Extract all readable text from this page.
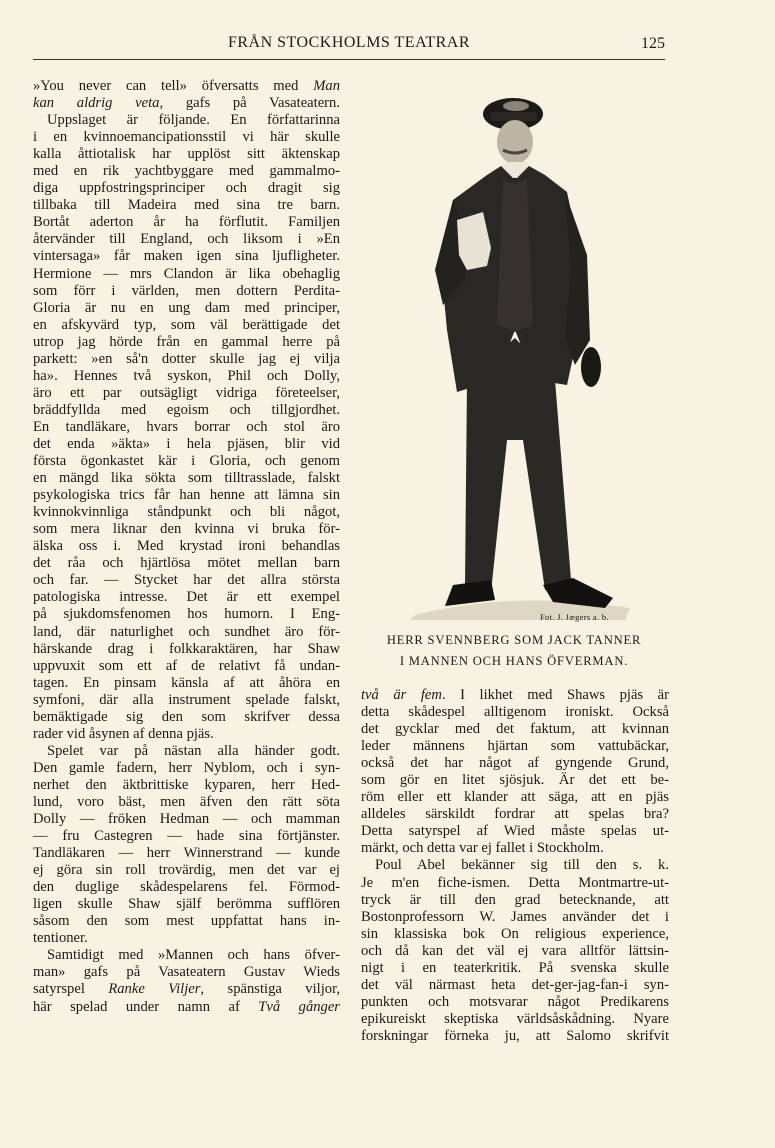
FRÅN STOCKHOLMS TEATRAR	125
»You never can tell» öfversatts med Man
kan aldrig veta, gafs på Vasateatern.
Uppslaget är följande. En författarinna
i en kvinnoemancipationsstil vi här skulle
kalla åttiotalisk har upplöst sitt äktenskap
med en rik yachtbyggare med gammalmo-
diga uppfostringsprinciper och dragit sig
tillbaka till Madeira med sina tre barn.
Bortåt aderton år ha förflutit. Familjen
återvänder till England, och liksom i »En
vintersaga» får maken igen sina ljufligheter.
Hermione — mrs Clandon är lika obehaglig
som förr i världen, men dottern Perdita-
Gloria är nu en ung dam med principer,
en afskyvärd typ, som väl berättigade det
utrop jag hörde från en gammal herre på
parkett: »en så'n dotter skulle jag ej vilja
ha». Hennes två syskon, Phil och Dolly,
äro ett par outsägligt vidriga företeelser,
bräddfyllda med egoism och tillgjordhet.
En tandläkare, hvars borrar och stol äro
det enda »äkta» i hela pjäsen, blir vid
första ögonkastet kär i Gloria, och genom
en mängd lika sökta som tilltrasslade, falskt
psykologiska trics får han henne att lämna sin
kvinnokvinnliga ståndpunkt och bli något,
som mera liknar den kvinna vi bruka för-
älska oss i. Med krystad ironi behandlas
det råa och hjärtlösa mötet mellan barn
och far. — Stycket har det allra största
patologiska intresse. Det är ett exempel
på sjukdomsfenomen hos humorn. I Eng-
land, där naturlighet och sundhet äro för-
härskande drag i folkkaraktären, har Shaw
uppvuxit som ett af de relativt få undan-
tagen. En pinsam känsla af att åhöra en
symfoni, där alla instrument spelade falskt,
bemäktigade sig den som skrifver dessa
rader vid åsynen af denna pjäs.
Spelet var på nästan alla händer godt.
Den gamle fadern, herr Nyblom, och i syn-
nerhet den äktbrittiske kyparen, herr Hed-
lund, voro bäst, men äfven den rätt söta
Dolly — fröken Hedman — och mamman
— fru Castegren — hade sina förtjänster.
Tandläkaren — herr Winnerstrand — kunde
ej göra sin roll trovärdig, men det var ej
den duglige skådespelarens fel. Förmod-
ligen skulle Shaw själf berömma sufflören
såsom den som mest uppfattat hans in-
tentioner.
Samtidigt med »Mannen och hans öfver-
man» gafs på Vasateatern Gustav Wieds
satyrspel Ranke Viljer, spänstiga viljor,
här spelad under namn af Två gånger
Fot. J. Jægers a. b.
HERR SVENNBERG SOM JACK TANNER
I MANNEN OCH HANS ÖFVERMAN.
två är fem. I likhet med Shaws pjäs är
detta skådespel alltigenom ironiskt. Också
det gycklar med det faktum, att kvinnan
leder männens hjärtan som vattubäckar,
också det har något af gyngende Grund,
som gör en litet sjösjuk. Är det ett be-
röm eller ett klander att säga, att en pjäs
alldeles särskildt fordrar att spelas bra?
Detta satyrspel af Wied måste spelas ut-
märkt, och detta var ej fallet i Stockholm.
Poul Abel bekänner sig till den s. k.
Je m'en fiche-ismen. Detta Montmartre-ut-
tryck är till den grad betecknande, att
Bostonprofessorn W. James använder det i
sin klassiska bok On religious experience,
och då kan det väl ej vara alltför lättsin-
nigt i en teaterkritik. På svenska skulle
det väl närmast heta det-ger-jag-fan-i syn-
punkten och motsvarar något Predikarens
epikureiskt skeptiska världsåskådning. Nyare
forskningar förneka ju, att Salomo skrifvit
